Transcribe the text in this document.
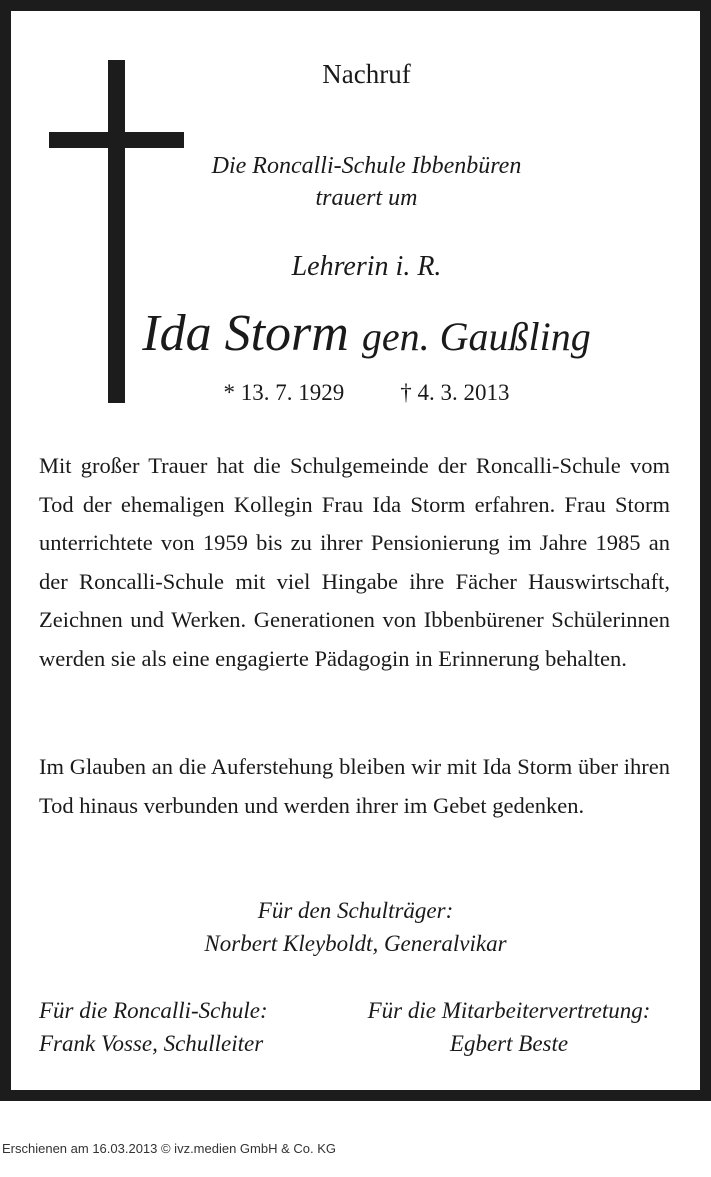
Nachruf
Die Roncalli-Schule Ibbenbüren
trauert um
Lehrerin i. R.
Ida Storm gen. Gaußling
* 13. 7. 1929 † 4. 3. 2013

Mit großer Trauer hat die Schulgemeinde der Roncalli-Schule vom Tod der ehemaligen Kollegin Frau Ida Storm erfahren. Frau Storm unterrichtete von 1959 bis zu ihrer Pensionierung im Jahre 1985 an der Roncalli-Schule mit viel Hingabe ihre Fächer Hauswirtschaft, Zeichnen und Werken. Generationen von Ibbenbürener Schülerinnen werden sie als eine engagierte Pädagogin in Erinnerung behalten.

Im Glauben an die Auferstehung bleiben wir mit Ida Storm über ihren Tod hinaus verbunden und werden ihrer im Gebet gedenken.

Für den Schulträger:
Norbert Kleyboldt, Generalvikar
Für die Roncalli-Schule:
Frank Vosse, Schulleiter
Für die Mitarbeitervertretung:
Egbert Beste
Erschienen am 16.03.2013 © ivz.medien GmbH & Co. KG
